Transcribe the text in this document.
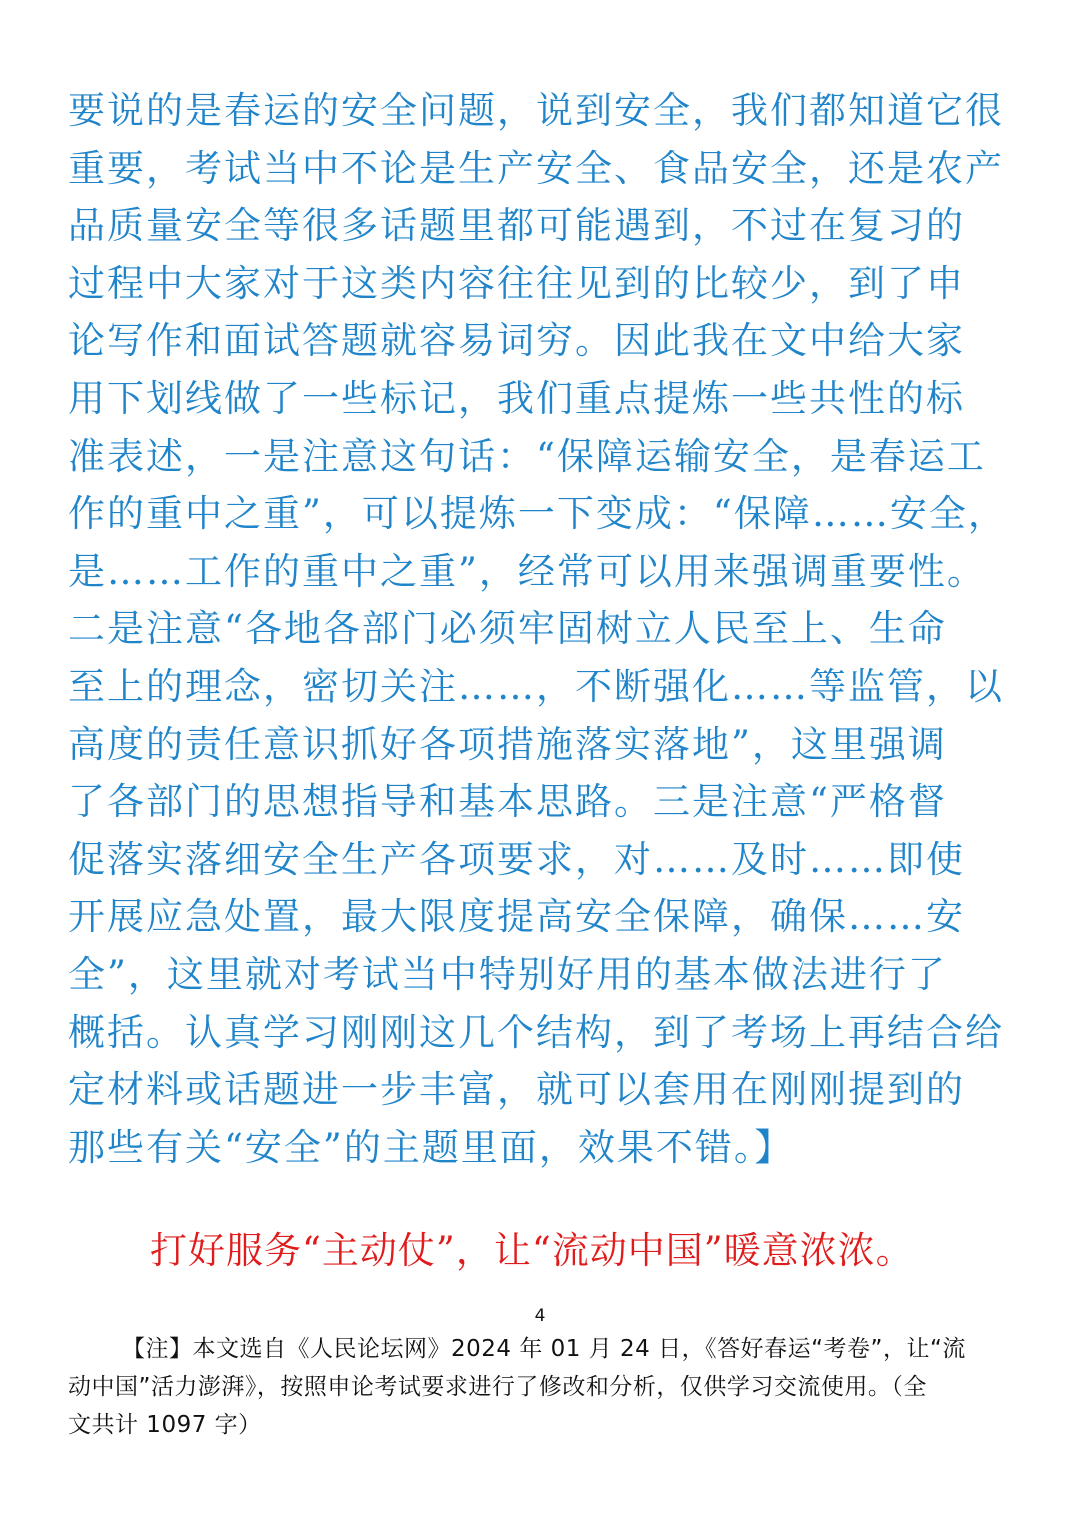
要说的是春运的安全问题，说到安全，我们都知道它很
重要，考试当中不论是生产安全、食品安全，还是农产
品质量安全等很多话题里都可能遇到，不过在复习的
过程中大家对于这类内容往往见到的比较少，到了申
论写作和面试答题就容易词穷。因此我在文中给大家
用下划线做了一些标记，我们重点提炼一些共性的标
准表述，一是注意这句话：“保障运输安全，是春运工
作的重中之重”，可以提炼一下变成：“保障……安全，
是……工作的重中之重”，经常可以用来强调重要性。
二是注意“各地各部门必须牢固树立人民至上、生命
至上的理念，密切关注……，不断强化……等监管，以
高度的责任意识抓好各项措施落实落地”，这里强调
了各部门的思想指导和基本思路。三是注意“严格督
促落实落细安全生产各项要求，对……及时……即使
开展应急处置，最大限度提高安全保障，确保……安
全”，这里就对考试当中特别好用的基本做法进行了
概括。认真学习刚刚这几个结构，到了考场上再结合给
定材料或话题进一步丰富，就可以套用在刚刚提到的
那些有关“安全”的主题里面，效果不错。】

打好服务“主动仗”，让“流动中国”暖意浓浓。

4

【注】本文选自《人民论坛网》2024 年 01 月 24 日，《答好春运“考卷”，让“流
动中国”活力澎湃》，按照申论考试要求进行了修改和分析，仅供学习交流使用。（全
文共计 1097 字）
